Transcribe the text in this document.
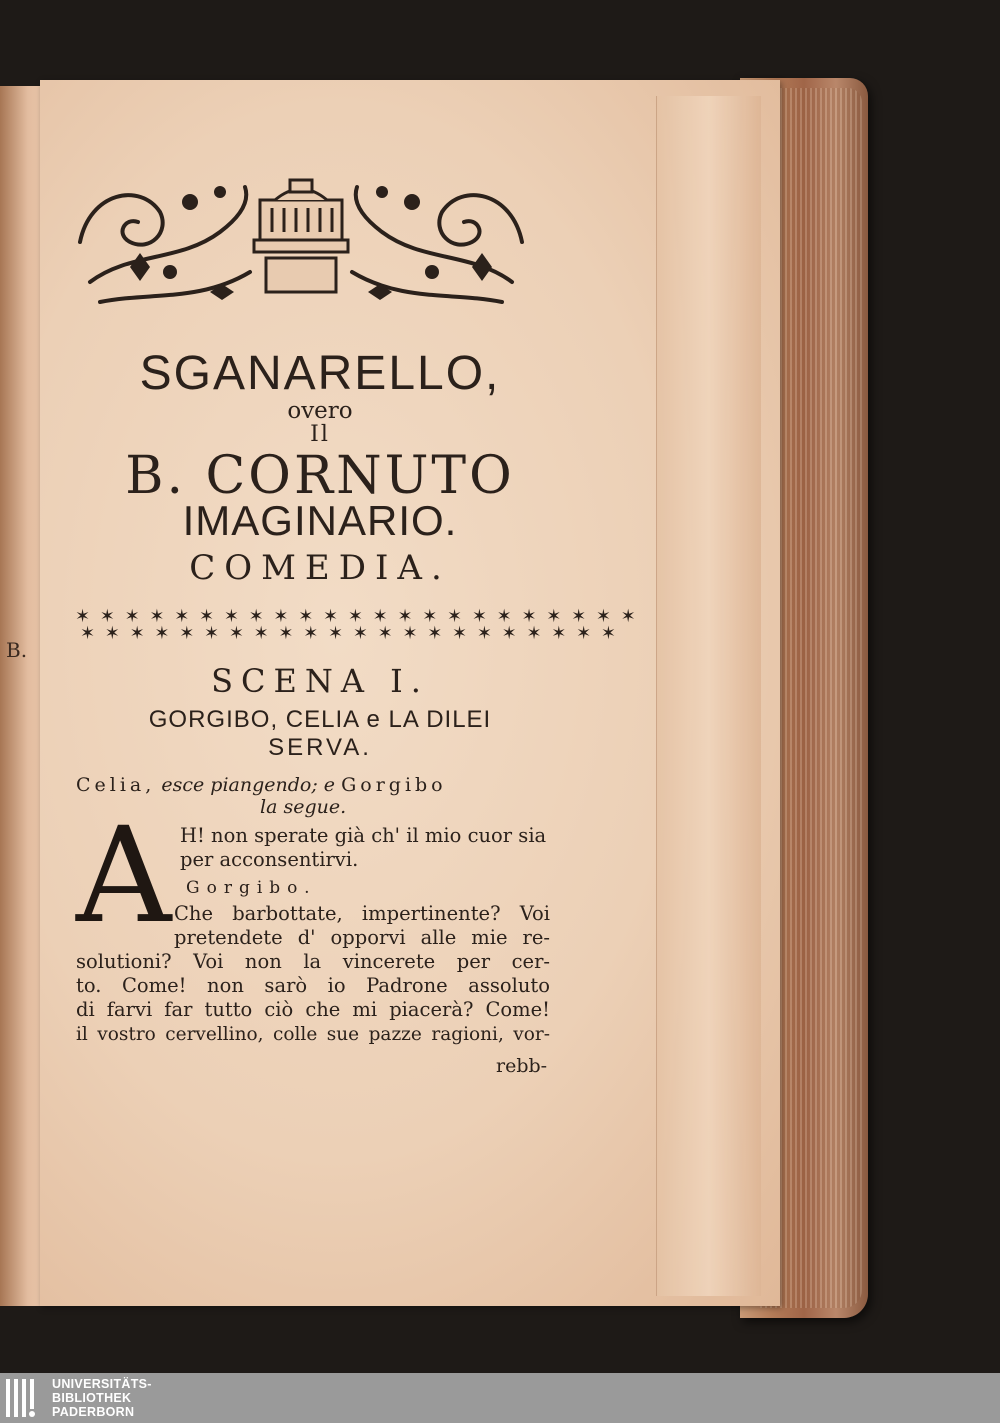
B.
SGANARELLO,
overo
Il
B. CORNUTO
IMAGINARIO.
COMEDIA.
✶ ✶ ✶ ✶ ✶ ✶ ✶ ✶ ✶ ✶ ✶ ✶ ✶ ✶ ✶ ✶ ✶ ✶ ✶ ✶ ✶ ✶ ✶
✶ ✶ ✶ ✶ ✶ ✶ ✶ ✶ ✶ ✶ ✶ ✶ ✶ ✶ ✶ ✶ ✶ ✶ ✶ ✶ ✶ ✶
SCENA I.
GORGIBO, CELIA e LA DILEI
SERVA.
Celia, esce piangendo; e Gorgibo
la segue.
A H! non sperate già ch' il mio cuor sia
per acconsentirvi.
Gorgibo.
Che barbottate, impertinente? Voi
pretendete d' opporvi alle mie re-
solutioni? Voi non la vincerete per cer-
to. Come! non sarò io Padrone assoluto
di farvi far tutto ciò che mi piacerà? Come!
il vostro cervellino, colle sue pazze ragioni, vor-
rebb-
UNIVERSITÄTS-
BIBLIOTHEK
PADERBORN
